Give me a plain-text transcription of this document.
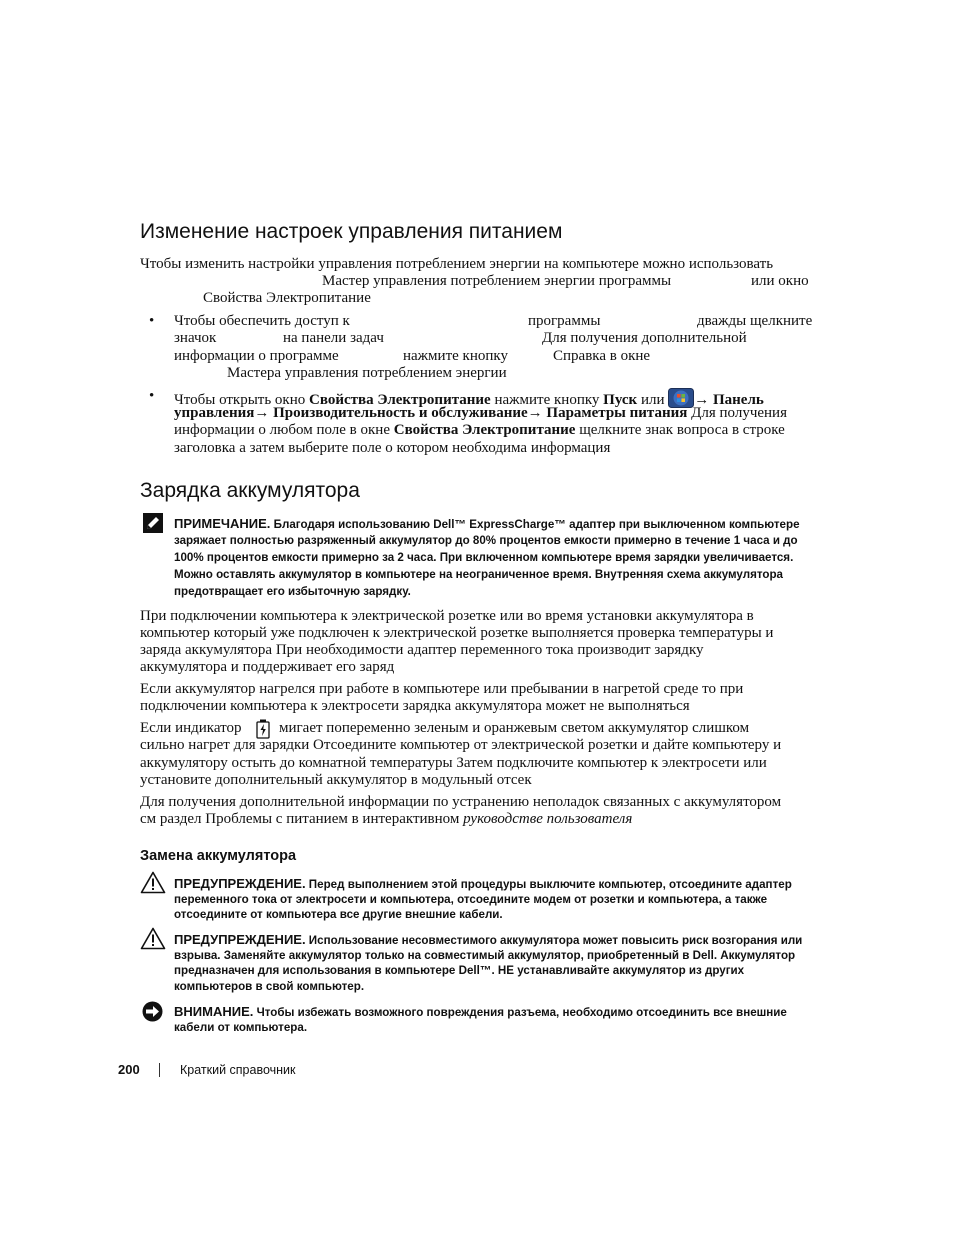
Изменение настроек управления питанием
Чтобы изменить настройки управления потреблением энергии на компьютере можно использовать
Мастер управления потреблением энергии программы	или окно
Свойства Электропитание
• Чтобы обеспечить доступ к	программы	дважды щелкните
значок	на панели задач	Для получения дополнительной
информации о программе	нажмите кнопку	Справка в окне
Мастера управления потреблением энергии
• Чтобы открыть окно Свойства Электропитание нажмите кнопку Пуск или → Панель
управления→ Производительность и обслуживание→ Параметры питания Для получения
информации о любом поле в окне Свойства Электропитание щелкните знак вопроса в строке
заголовка а затем выберите поле о котором необходима информация
Зарядка аккумулятора
ПРИМЕЧАНИЕ. Благодаря использованию Dell™ ExpressCharge™ адаптер при выключенном компьютере
заряжает полностью разряженный аккумулятор до 80% процентов емкости примерно в течение 1 часа и до
100% процентов емкости примерно за 2 часа. При включенном компьютере время зарядки увеличивается.
Можно оставлять аккумулятор в компьютере на неограниченное время. Внутренняя схема аккумулятора
предотвращает его избыточную зарядку.
При подключении компьютера к электрической розетке или во время установки аккумулятора в
компьютер который уже подключен к электрической розетке выполняется проверка температуры и
заряда аккумулятора При необходимости адаптер переменного тока производит зарядку
аккумулятора и поддерживает его заряд
Если аккумулятор нагрелся при работе в компьютере или пребывании в нагретой среде то при
подключении компьютера к электросети зарядка аккумулятора может не выполняться
Если индикатор	мигает попеременно зеленым и оранжевым светом аккумулятор слишком
сильно нагрет для зарядки Отсоедините компьютер от электрической розетки и дайте компьютеру и
аккумулятору остыть до комнатной температуры Затем подключите компьютер к электросети или
установите дополнительный аккумулятор в модульный отсек
Для получения дополнительной информации по устранению неполадок связанных с аккумулятором
см раздел Проблемы с питанием в интерактивном руководстве пользователя
Замена аккумулятора
ПРЕДУПРЕЖДЕНИЕ. Перед выполнением этой процедуры выключите компьютер, отсоедините адаптер
переменного тока от электросети и компьютера, отсоедините модем от розетки и компьютера, а также
отсоедините от компьютера все другие внешние кабели.
ПРЕДУПРЕЖДЕНИЕ. Использование несовместимого аккумулятора может повысить риск возгорания или
взрыва. Заменяйте аккумулятор только на совместимый аккумулятор, приобретенный в Dell. Аккумулятор
предназначен для использования в компьютере Dell™. НЕ устанавливайте аккумулятор из других
компьютеров в свой компьютер.
ВНИМАНИЕ. Чтобы избежать возможного повреждения разъема, необходимо отсоединить все внешние
кабели от компьютера.
200	Краткий справочник
